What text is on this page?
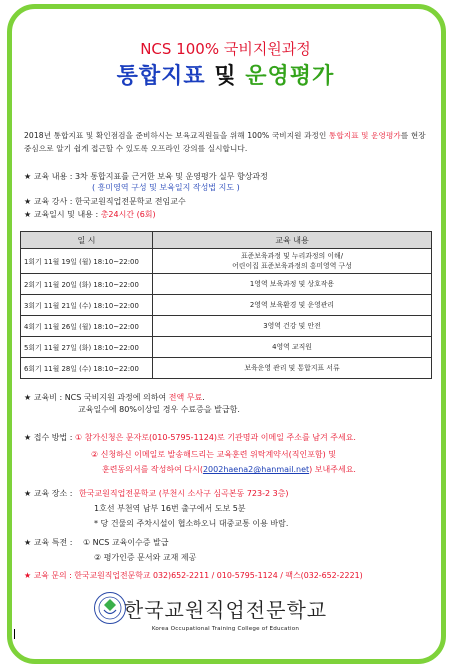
NCS 100% 국비지원과정
통합지표 및 운영평가
2018년 통합지표 및 확인점검을 준비하시는 보육교직원들을 위해 100% 국비지원 과정인 통합지표 및 운영평가를 현장중심으로 알기 쉽게 접근할 수 있도록 오프라인 강의를 실시합니다.
★ 교육 내용 : 3차 통합지표를 근거한 보육 및 운영평가 실무 향상과정
( 흥미영역 구성 및 보육일지 작성법 지도 )
★ 교육 강사 : 한국교원직업전문학교 전임교수
★ 교육일시 및 내용 : 총24시간 (6회)
일 시	교육 내용
1회기 11월 19일 (월) 18:10~22:00	표준보육과정 및 누리과정의 이해/
어린이집 표준보육과정의 흥미영역 구성

2회기 11월 20일 (화) 18:10~22:00	1영역 보육과정 및 상호작용
3회기 11월 21일 (수) 18:10~22:00	2영역 보육환경 및 운영관리
4회기 11월 26일 (월) 18:10~22:00	3영역 건강 및 안전
5회기 11월 27일 (화) 18:10~22:00	4영역 교직원
6회기 11월 28일 (수) 18:10~22:00	보육운영 관리 및 통합지표 서류
★ 교육비 : NCS 국비지원 과정에 의하여 전액 무료.
교육일수에 80%이상일 경우 수료증을 발급함.
★ 접수 방법 : ① 참가신청은 문자로(010-5795-1124)로 기관명과 이메일 주소를 남겨 주세요.
② 신청하신 이메일로 발송해드리는 교육훈련 위탁계약서(직인포함) 및
훈련동의서를 작성하여 다시(2002haena2@hanmail.net) 보내주세요.
★ 교육 장소 : 한국교원직업전문학교 (부천시 소사구 심곡본동 723-2 3층)
1호선 부천역 남부 16번 출구에서 도보 5분
* 당 건물의 주차시설이 협소하오니 대중교통 이용 바람.
★ 교육 특전 : ① NCS 교육이수증 발급
② 평가인증 문서와 교재 제공
★ 교육 문의 : 한국교원직업전문학교 032)652-2211 / 010-5795-1124 / 팩스(032-652-2221)
한국교원직업전문학교
Korea Occupational Training College of Education
